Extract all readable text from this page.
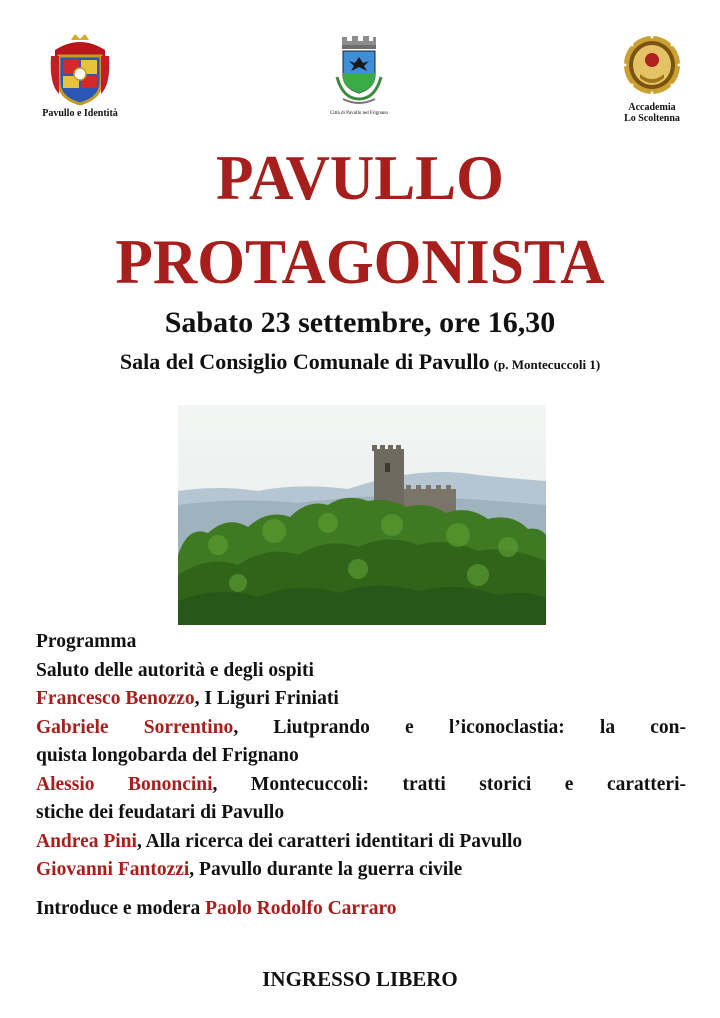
Pavullo e Identità	Città di Pavullo nel Frignano
Accademia
Lo Scoltenna
PAVULLO
PROTAGONISTA
Sabato 23 settembre, ore 16,30
Sala del Consiglio Comunale di Pavullo (p. Montecuccoli 1)
Programma
Saluto delle autorità e degli ospiti
Francesco Benozzo, I Liguri Friniati
Gabriele Sorrentino, Liutprando e l’iconoclastia: la con-
quista longobarda del Frignano
Alessio Bononcini, Montecuccoli: tratti storici e caratteri-
stiche dei feudatari di Pavullo
Andrea Pini, Alla ricerca dei caratteri identitari di Pavullo
Giovanni Fantozzi, Pavullo durante la guerra civile
Introduce e modera Paolo Rodolfo Carraro
INGRESSO LIBERO
